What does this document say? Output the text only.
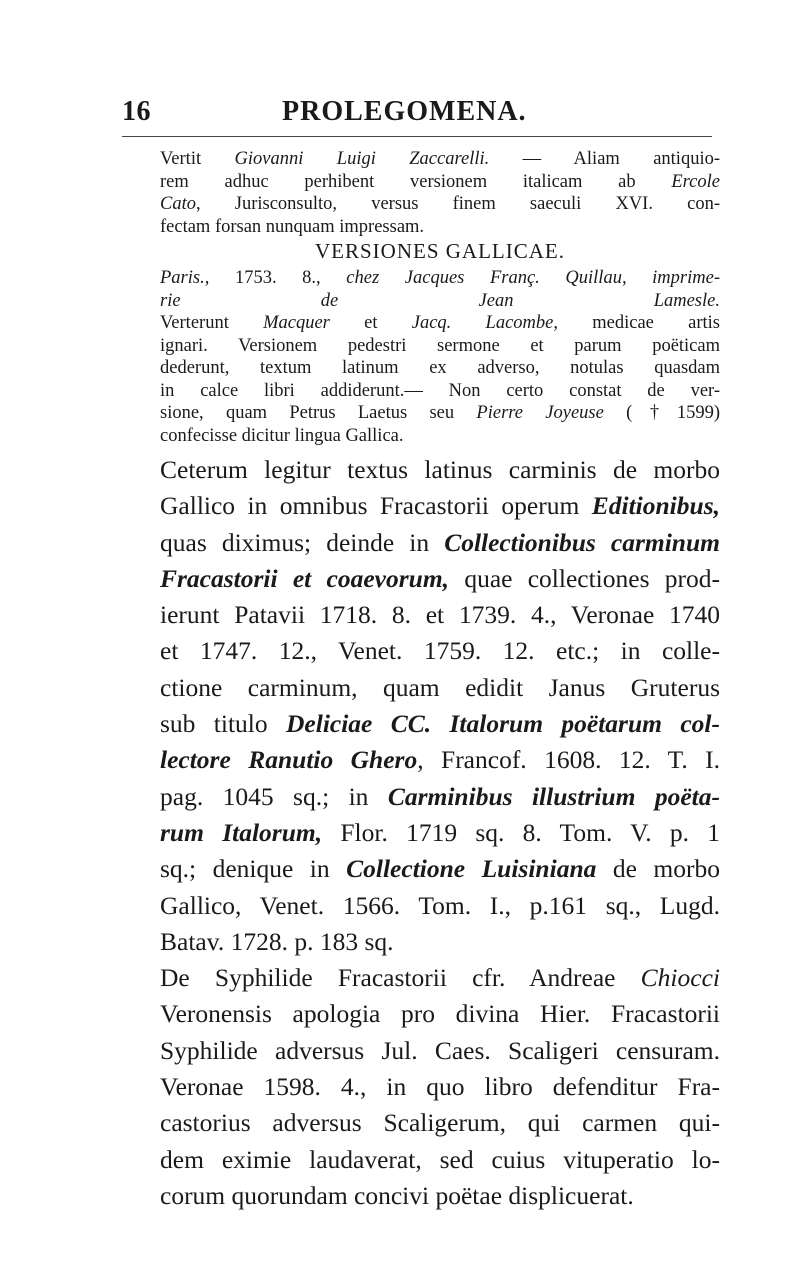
16	PROLEGOMENA.
Vertit Giovanni Luigi Zaccarelli. — Aliam antiquio-
rem adhuc perhibent versionem italicam ab Ercole
Cato, Jurisconsulto, versus finem saeculi XVI. con-
fectam forsan nunquam impressam.
VERSIONES GALLICAE.
Paris., 1753. 8., chez Jacques Franç. Quillau, imprime-
rie de Jean Lamesle.
Verterunt Macquer et Jacq. Lacombe, medicae artis
ignari. Versionem pedestri sermone et parum poëticam
dederunt, textum latinum ex adverso, notulas quasdam
in calce libri addiderunt.— Non certo constat de ver-
sione, quam Petrus Laetus seu Pierre Joyeuse (†1599)
confecisse dicitur lingua Gallica.
Ceterum legitur textus latinus carminis de morbo
Gallico in omnibus Fracastorii operum Editionibus,
quas diximus; deinde in Collectionibus carminum
Fracastorii et coaevorum, quae collectiones prod-
ierunt Patavii 1718. 8. et 1739. 4., Veronae 1740
et 1747. 12., Venet. 1759. 12. etc.; in colle-
ctione carminum, quam edidit Janus Gruterus
sub titulo Deliciae CC. Italorum poëtarum col-
lectore Ranutio Ghero, Francof. 1608. 12. T. I.
pag. 1045 sq.; in Carminibus illustrium poëta-
rum Italorum, Flor. 1719 sq. 8. Tom. V. p. 1
sq.; denique in Collectione Luisiniana de morbo
Gallico, Venet. 1566. Tom. I., p.161 sq., Lugd.
Batav. 1728. p. 183 sq.
De Syphilide Fracastorii cfr. Andreae Chiocci
Veronensis apologia pro divina Hier. Fracastorii
Syphilide adversus Jul. Caes. Scaligeri censuram.
Veronae 1598. 4., in quo libro defenditur Fra-
castorius adversus Scaligerum, qui carmen qui-
dem eximie laudaverat, sed cuius vituperatio lo-
corum quorundam concivi poëtae displicuerat.
